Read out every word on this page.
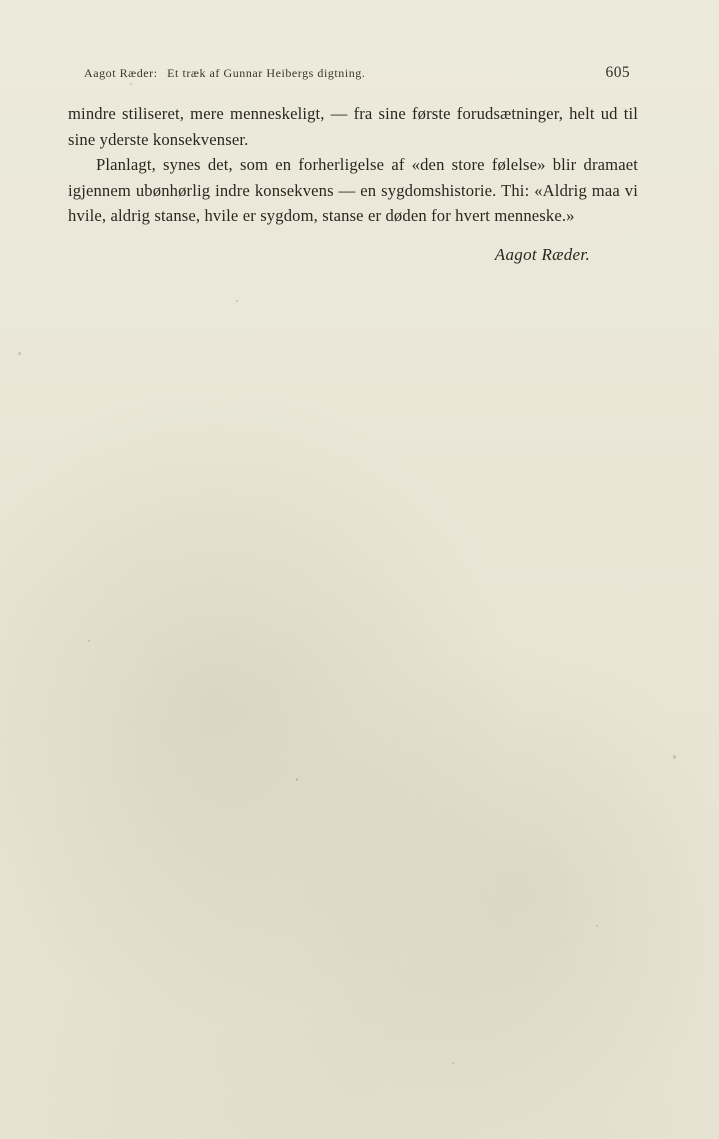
Aagot Ræder: Et træk af Gunnar Heibergs digtning.	605

mindre stiliseret, mere menneskeligt, — fra sine første forudsætninger, helt ud til sine yderste konsekvenser.

Planlagt, synes det, som en forherligelse af «den store følelse» blir dramaet igjennem ubønhørlig indre konsekvens — en sygdomshistorie. Thi: «Aldrig maa vi hvile, aldrig stanse, hvile er sygdom, stanse er døden for hvert menneske.»

Aagot Ræder.
